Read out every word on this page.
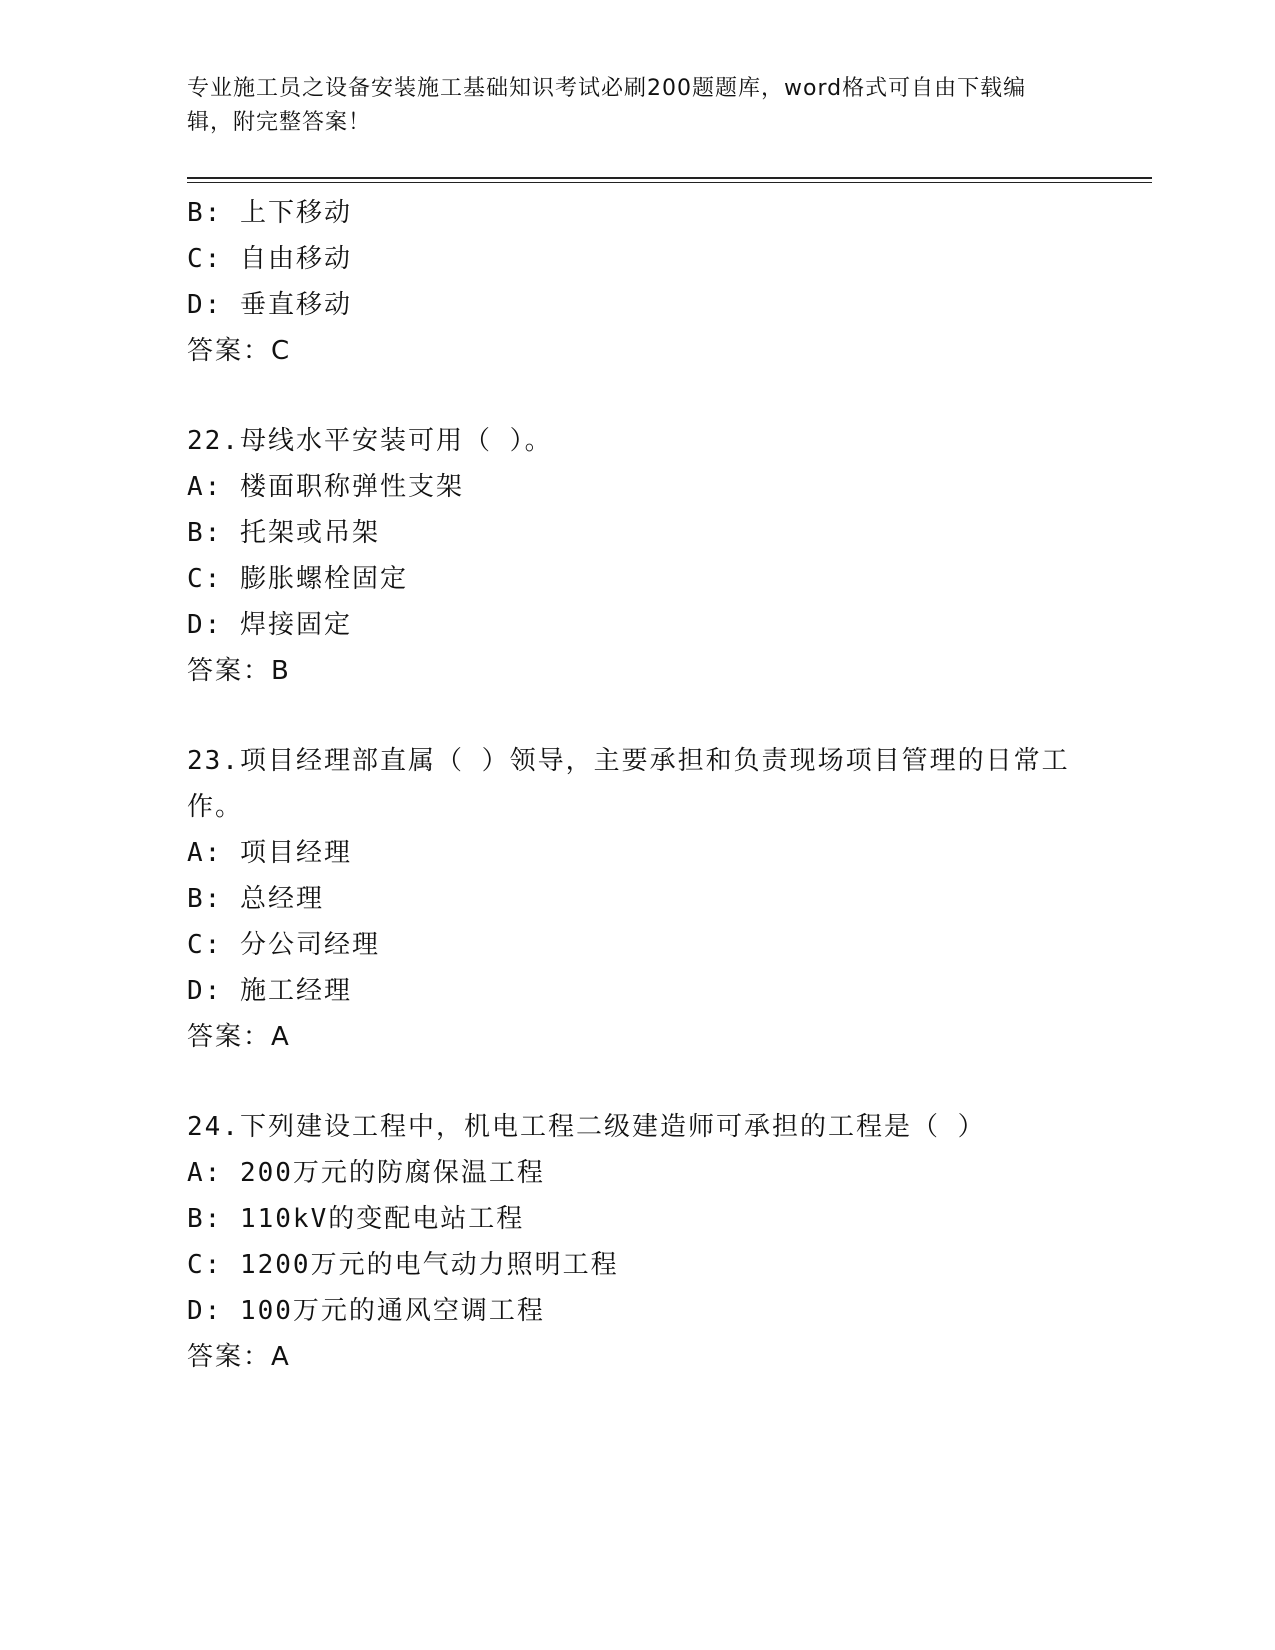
专业施工员之设备安装施工基础知识考试必刷200题题库，word格式可自由下载编辑，附完整答案！
B: 上下移动
C: 自由移动
D: 垂直移动
答案：C
22.母线水平安装可用（ ）。
A: 楼面职称弹性支架
B: 托架或吊架
C: 膨胀螺栓固定
D: 焊接固定
答案：B
23.项目经理部直属（ ）领导，主要承担和负责现场项目管理的日常工作。
A: 项目经理
B: 总经理
C: 分公司经理
D: 施工经理
答案：A
24.下列建设工程中，机电工程二级建造师可承担的工程是（ ）
A: 200万元的防腐保温工程
B: 110kV的变配电站工程
C: 1200万元的电气动力照明工程
D: 100万元的通风空调工程
答案：A
